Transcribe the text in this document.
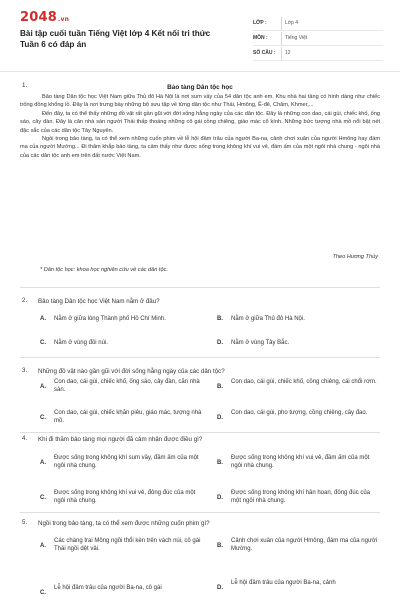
2048.vn
Bài tập cuối tuần Tiếng Việt lớp 4 Kết nối tri thức Tuần 6 có đáp án
LỚP :	Lớp 4
MÔN :	Tiếng Việt
SỐ CÂU :	12
1.	Bảo tàng Dân tộc học

Bảo tàng Dân tộc học Việt Nam giữa Thủ đô Hà Nội là nơi sum vầy của 54 dân tộc anh em. Khu nhà hai tầng có hình dáng như chiếc trống đồng khổng lồ. Đây là nơi trưng bày những bộ sưu tập về từng dân tộc như Thái, Hmông, Ê-đê, Chăm, Khmer,...

Đến đây, ta có thể thấy những đồ vật rất gần gũi với đời sống hằng ngày của các dân tộc. Đây là những con dao, cái gùi, chiếc khố, ống sáo, cây đàn. Đây là căn nhà sàn người Thái thấp thoáng những cô gái cồng chiêng, giáo mác cổ kính. Những bức tượng nhà mồ nổi bật nét đặc sắc của các dân tộc Tây Nguyên.

Ngồi trong bảo tàng, ta có thể xem những cuốn phim về lễ hội đâm trâu của người Ba-na, cảnh chơi xuân của người Hmông hay đám ma của người Mường... Đi thăm khắp bảo tàng, ta cảm thấy như được sống trong không khí vui vẻ, đầm ấm của một ngôi nhà chung - ngôi nhà của các dân tộc anh em trên đất nước Việt Nam.

Theo Hương Thủy
* Dân tộc học: khoa học nghiên cứu về các dân tộc.
2. Bảo tàng Dân tộc học Việt Nam nằm ở đâu?
A. Nằm ở giữa lòng Thành phố Hồ Chí Minh.	B. Nằm ở giữa Thủ đô Hà Nội.
C. Nằm ở vùng đồi núi.	D. Nằm ở vùng Tây Bắc.
3. Những đồ vật nào gần gũi với đời sống hằng ngày của các dân tộc?
A.
Con dao, cái gùi, chiếc khố, ống sáo, cây đàn, căn nhà sàn.
B.
Con dao, cái gùi, chiếc khố, cồng chiêng, cái chổi rơm.
C.
Con dao, cái gùi, chiếc khăn piêu, giáo mác, tượng nhà mồ.
D.
Con dao, cái gùi, pho tượng, cồng chiêng, cây đao.
4. Khi đi thăm bảo tàng mọi người đã cảm nhận được điều gì?
A.
Được sống trong không khí sum vầy, đầm ấm của một ngôi nhà chung.
B.
Được sống trong không khí vui vẻ, đầm ấm của một ngôi nhà chung.
C.
Được sống trong không khí vui vẻ, đông đúc của một ngôi nhà chung.
D.
Được sống trong không khí hân hoan, đông đúc của một ngôi nhà chung.
5. Ngồi trong bảo tàng, ta có thể xem được những cuốn phim gì?
A.
Các chàng trai Mông ngồi thổi kèn trên vách núi, cô gái Thái ngồi dệt vải.
B.
Cảnh chơi xuân của người Hmông, đám ma của người Mường.
C.
Lễ hội đâm trâu của người Ba-na, cô gái	D.
Lễ hội đâm trâu của người Ba-na, cảnh
